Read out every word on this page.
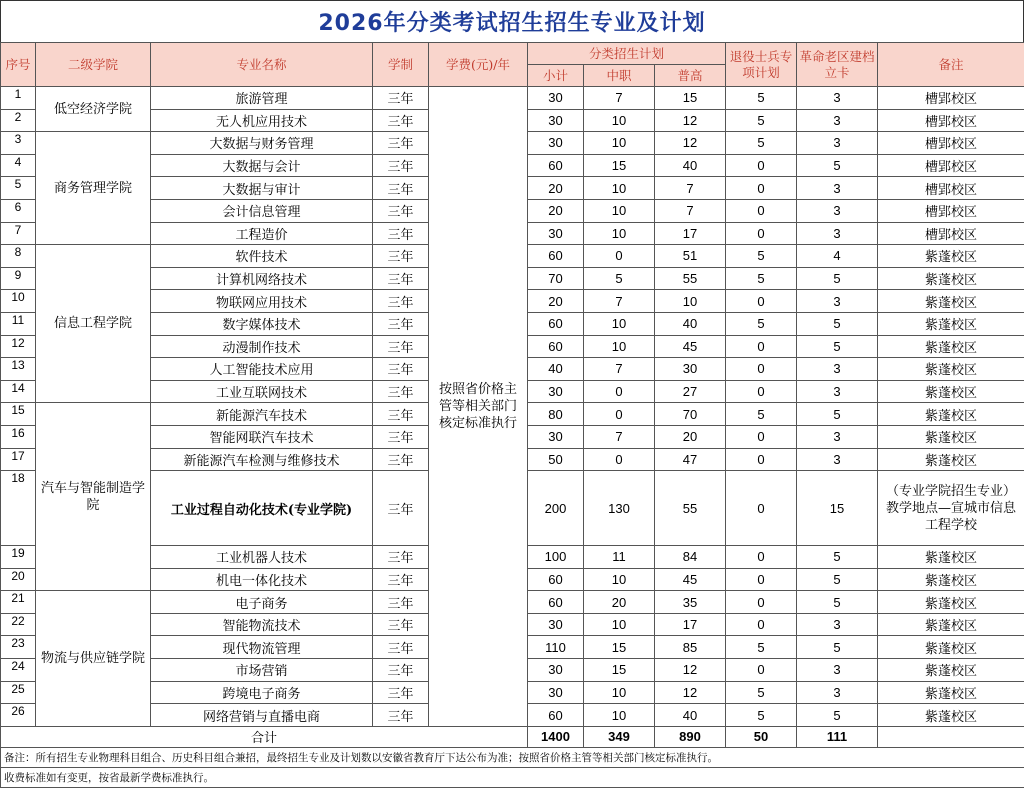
2026年分类考试招生招生专业及计划
序号	二级学院	专业名称	学制	学费(元)/年	分类招生计划			退役士兵专项计划	革命老区建档立卡	备注
					小计	中职	普高			
1	低空经济学院	旅游管理	三年	按照省价格主管等相关部门核定标准执行	30	7	15	5	3	槽郢校区
2		无人机应用技术	三年		30	10	12	5	3	槽郢校区
3	商务管理学院	大数据与财务管理	三年		30	10	12	5	3	槽郢校区
4		大数据与会计	三年		60	15	40	0	5	槽郢校区
5		大数据与审计	三年		20	10	7	0	3	槽郢校区
6		会计信息管理	三年		20	10	7	0	3	槽郢校区
7		工程造价	三年		30	10	17	0	3	槽郢校区
8	信息工程学院	软件技术	三年		60	0	51	5	4	紫蓬校区
9		计算机网络技术	三年		70	5	55	5	5	紫蓬校区
10		物联网应用技术	三年		20	7	10	0	3	紫蓬校区
11		数字媒体技术	三年		60	10	40	5	5	紫蓬校区
12		动漫制作技术	三年		60	10	45	0	5	紫蓬校区
13		人工智能技术应用	三年		40	7	30	0	3	紫蓬校区
14		工业互联网技术	三年		30	0	27	0	3	紫蓬校区
15	汽车与智能制造学院	新能源汽车技术	三年		80	0	70	5	5	紫蓬校区
16		智能网联汽车技术	三年		30	7	20	0	3	紫蓬校区
17		新能源汽车检测与维修技术	三年		50	0	47	0	3	紫蓬校区
18		工业过程自动化技术(专业学院)	三年		200	130	55	0	15	（专业学院招生专业）教学地点—宣城市信息工程学校
19		工业机器人技术	三年		100	11	84	0	5	紫蓬校区
20		机电一体化技术	三年		60	10	45	0	5	紫蓬校区
21	物流与供应链学院	电子商务	三年		60	20	35	0	5	紫蓬校区
22		智能物流技术	三年		30	10	17	0	3	紫蓬校区
23		现代物流管理	三年		110	15	85	5	5	紫蓬校区
24		市场营销	三年		30	15	12	0	3	紫蓬校区
25		跨境电子商务	三年		30	10	12	5	3	紫蓬校区
26		网络营销与直播电商	三年		60	10	40	5	5	紫蓬校区
合计					1400	349	890	50	111	
备注：所有招生专业物理科目组合、历史科目组合兼招，最终招生专业及计划数以安徽省教育厅下达公布为准；按照省价格主管等相关部门核定标准执行。										
收费标准如有变更，按省最新学费标准执行。										
